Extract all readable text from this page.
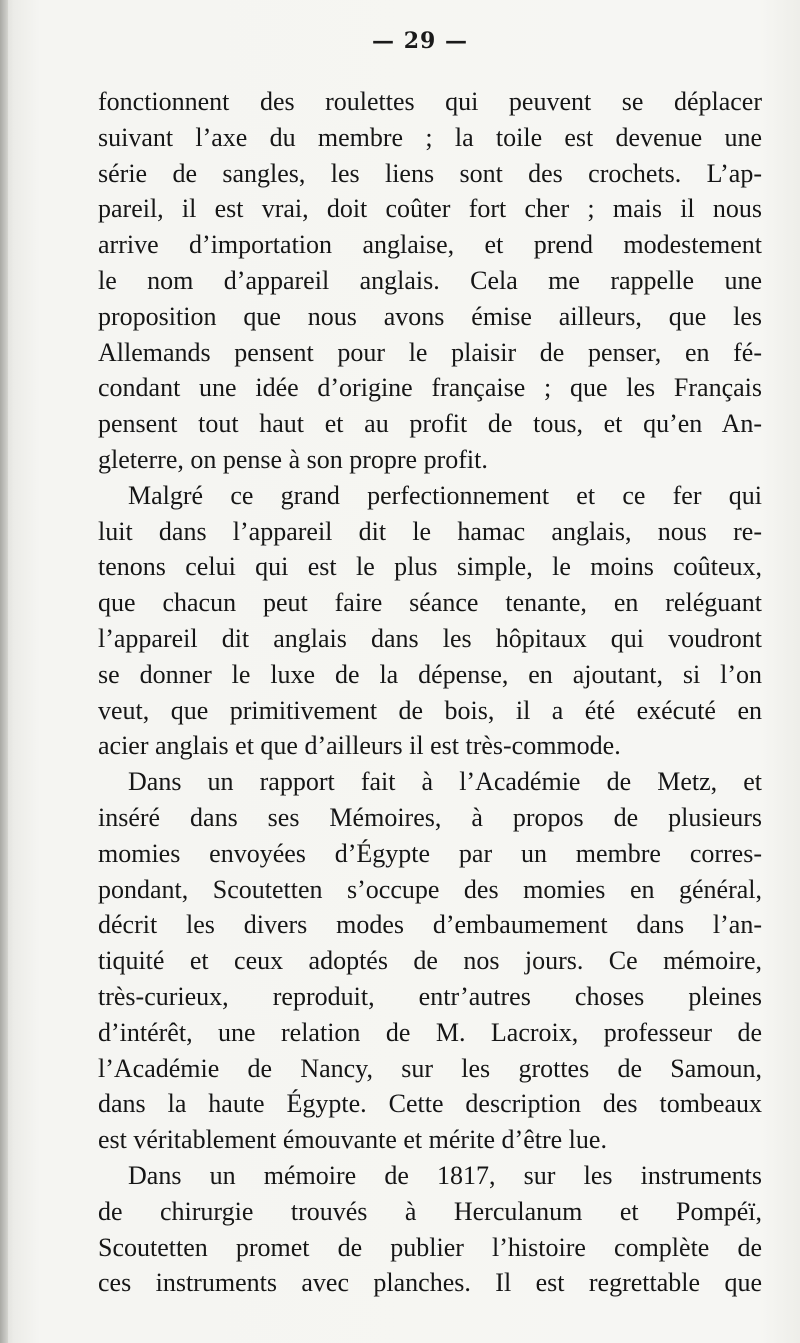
— 29 —
fonctionnent des roulettes qui peuvent se déplacer
suivant l’axe du membre ; la toile est devenue une
série de sangles, les liens sont des crochets. L’ap-
pareil, il est vrai, doit coûter fort cher ; mais il nous
arrive d’importation anglaise, et prend modestement
le nom d’appareil anglais. Cela me rappelle une
proposition que nous avons émise ailleurs, que les
Allemands pensent pour le plaisir de penser, en fé-
condant une idée d’origine française ; que les Français
pensent tout haut et au profit de tous, et qu’en An-
gleterre, on pense à son propre profit.
Malgré ce grand perfectionnement et ce fer qui
luit dans l’appareil dit le hamac anglais, nous re-
tenons celui qui est le plus simple, le moins coûteux,
que chacun peut faire séance tenante, en reléguant
l’appareil dit anglais dans les hôpitaux qui voudront
se donner le luxe de la dépense, en ajoutant, si l’on
veut, que primitivement de bois, il a été exécuté en
acier anglais et que d’ailleurs il est très-commode.
Dans un rapport fait à l’Académie de Metz, et
inséré dans ses Mémoires, à propos de plusieurs
momies envoyées d’Égypte par un membre corres-
pondant, Scoutetten s’occupe des momies en général,
décrit les divers modes d’embaumement dans l’an-
tiquité et ceux adoptés de nos jours. Ce mémoire,
très-curieux, reproduit, entr’autres choses pleines
d’intérêt, une relation de M. Lacroix, professeur de
l’Académie de Nancy, sur les grottes de Samoun,
dans la haute Égypte. Cette description des tombeaux
est véritablement émouvante et mérite d’être lue.
Dans un mémoire de 1817, sur les instruments
de chirurgie trouvés à Herculanum et Pompéï,
Scoutetten promet de publier l’histoire complète de
ces instruments avec planches. Il est regrettable que
